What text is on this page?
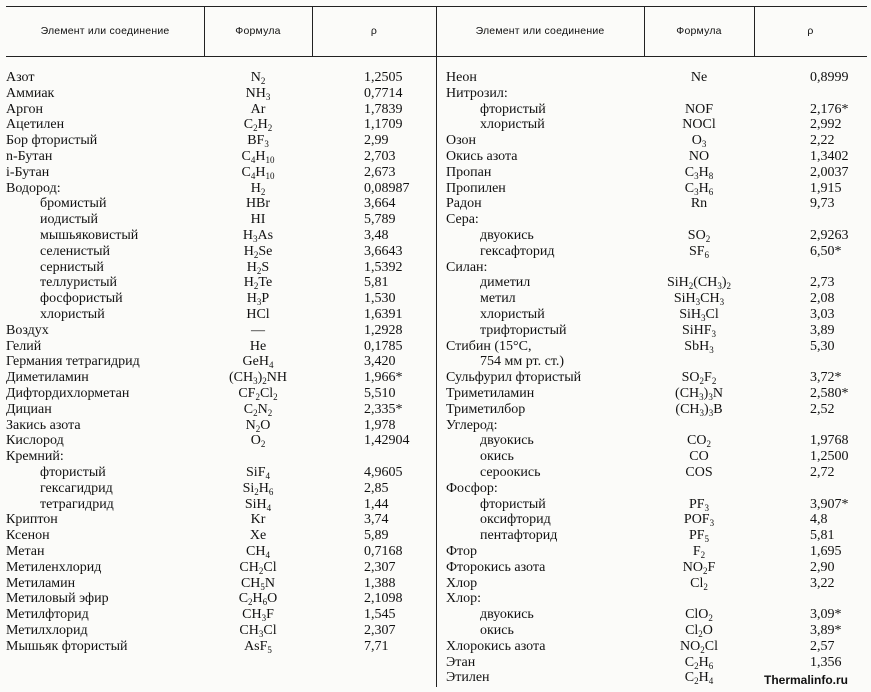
Элемент или соединение	Формула	ρ	Элемент или соединение	Формула	ρ
Азот	$N_2$	1,2505
Аммиак	$NH_3$	0,7714
Аргон	Ar	1,7839
Ацетилен	$C_2H_2$	1,1709
Бор фтористый	$BF_3$	2,99
n-Бутан	$C_4H_{10}$	2,703
i-Бутан	$C_4H_{10}$	2,673
Водород:	$H_2$	0,08987
бромистый	HBr	3,664
иодистый	HI	5,789
мышьяковистый	$H_3As$	3,48
селенистый	$H_2Se$	3,6643
сернистый	$H_2S$	1,5392
теллуристый	$H_2Te$	5,81
фосфористый	$H_3P$	1,530
хлористый	HCl	1,6391
Воздух	—	1,2928
Гелий	He	0,1785
Германия тетрагидрид	GeH$_4$	3,420
Диметиламин	$(CH_3)_2NH$	1,966*
Дифтордихлорметан	$CF_2Cl_2$	5,510
Дициан	$C_2N_2$	2,335*
Закись азота	$N_2O$	1,978
Кислород	$O_2$	1,42904
Кремний:
фтористый	SiF$_4$	4,9605
гексагидрид	$Si_2H_6$	2,85
тетрагидрид	SiH$_4$	1,44
Криптон	Kr	3,74
Ксенон	Xe	5,89
Метан	$CH_4$	0,7168
Метиленхлорид	$CH_2Cl$	2,307
Метиламин	$CH_5N$	1,388
Метиловый эфир	$C_2H_6O$	2,1098
Метилфторид	$CH_3F$	1,545
Метилхлорид	$CH_3Cl$	2,307
Мышьяк фтористый	AsF$_5$	7,71
Неон	Ne	0,8999
Нитрозил:
фтористый	NOF	2,176*
хлористый	NOCl	2,992
Озон	$O_3$	2,22
Окись азота	NO	1,3402
Пропан	$C_3H_8$	2,0037
Пропилен	$C_3H_6$	1,915
Радон	Rn	9,73
Сера:
двуокись	$SO_2$	2,9263
гексафторид	$SF_6$	6,50*
Силан:
диметил	$SiH_2(CH_3)_2$	2,73
метил	$SiH_3CH_3$	2,08
хлористый	SiH$_3$Cl	3,03
трифтористый	SiHF$_3$	3,89
Стибин (15°C,	SbH$_3$	5,30
754 мм рт. ст.)
Сульфурил фтористый	$SO_2F_2$	3,72*
Триметиламин	$(CH_3)_3N$	2,580*
Триметилбор	$(CH_3)_3B$	2,52
Углерод:
двуокись	$CO_2$	1,9768
окись	CO	1,2500
сероокись	COS	2,72
Фосфор:
фтористый	$PF_3$	3,907*
оксифторид	$POF_3$	4,8
пентафторид	$PF_5$	5,81
Фтор	$F_2$	1,695
Фторокись азота	$NO_2F$	2,90
Хлор	$Cl_2$	3,22
Хлор:
двуокись	ClO$_2$	3,09*
окись	$Cl_2O$	3,89*
Хлорокись азота	$NO_2Cl$	2,57
Этан	$C_2H_6$	1,356
Этилен	$C_2H_4$	Thermalinfo.ru
